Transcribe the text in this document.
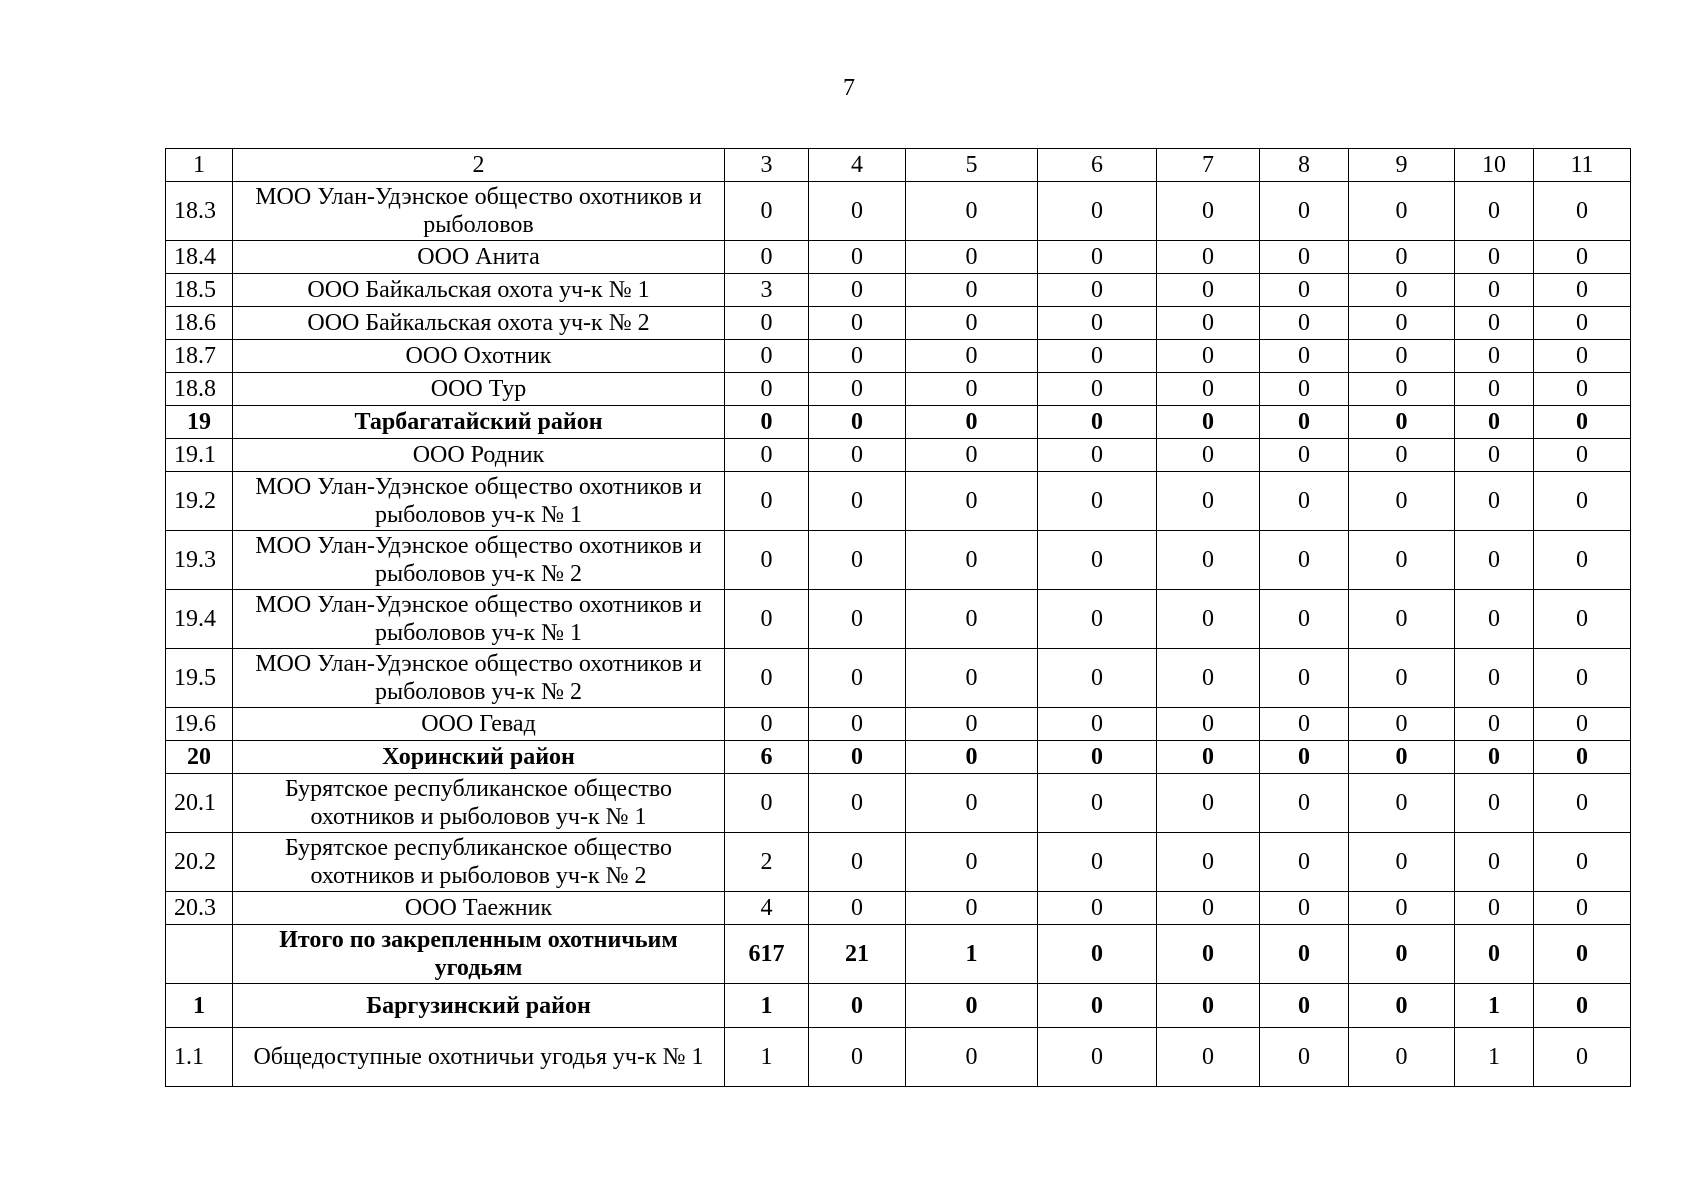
7
1	2	3	4	5	6	7	8	9	10	11
18.3	МОО Улан-Удэнское общество охотников и рыболовов	0	0	0	0	0	0	0	0	0
18.4	ООО Анита	0	0	0	0	0	0	0	0	0
18.5	ООО Байкальская охота уч-к № 1	3	0	0	0	0	0	0	0	0
18.6	ООО Байкальская охота уч-к № 2	0	0	0	0	0	0	0	0	0
18.7	ООО Охотник	0	0	0	0	0	0	0	0	0
18.8	ООО Тур	0	0	0	0	0	0	0	0	0
19	Тарбагатайский район	0	0	0	0	0	0	0	0	0
19.1	ООО Родник	0	0	0	0	0	0	0	0	0
19.2	МОО Улан-Удэнское общество охотников и рыболовов уч-к № 1	0	0	0	0	0	0	0	0	0
19.3	МОО Улан-Удэнское общество охотников и рыболовов уч-к № 2	0	0	0	0	0	0	0	0	0
19.4	МОО Улан-Удэнское общество охотников и рыболовов уч-к № 1	0	0	0	0	0	0	0	0	0
19.5	МОО Улан-Удэнское общество охотников и рыболовов уч-к № 2	0	0	0	0	0	0	0	0	0
19.6	ООО Гевад	0	0	0	0	0	0	0	0	0
20	Хоринский район	6	0	0	0	0	0	0	0	0
20.1	Бурятское республиканское общество охотников и рыболовов уч-к № 1	0	0	0	0	0	0	0	0	0
20.2	Бурятское республиканское общество охотников и рыболовов уч-к № 2	2	0	0	0	0	0	0	0	0
20.3	ООО Таежник	4	0	0	0	0	0	0	0	0
	Итого по закрепленным охотничьим угодьям	617	21	1	0	0	0	0	0	0
1	Баргузинский район	1	0	0	0	0	0	0	1	0
1.1	Общедоступные охотничьи угодья уч-к № 1	1	0	0	0	0	0	0	1	0
